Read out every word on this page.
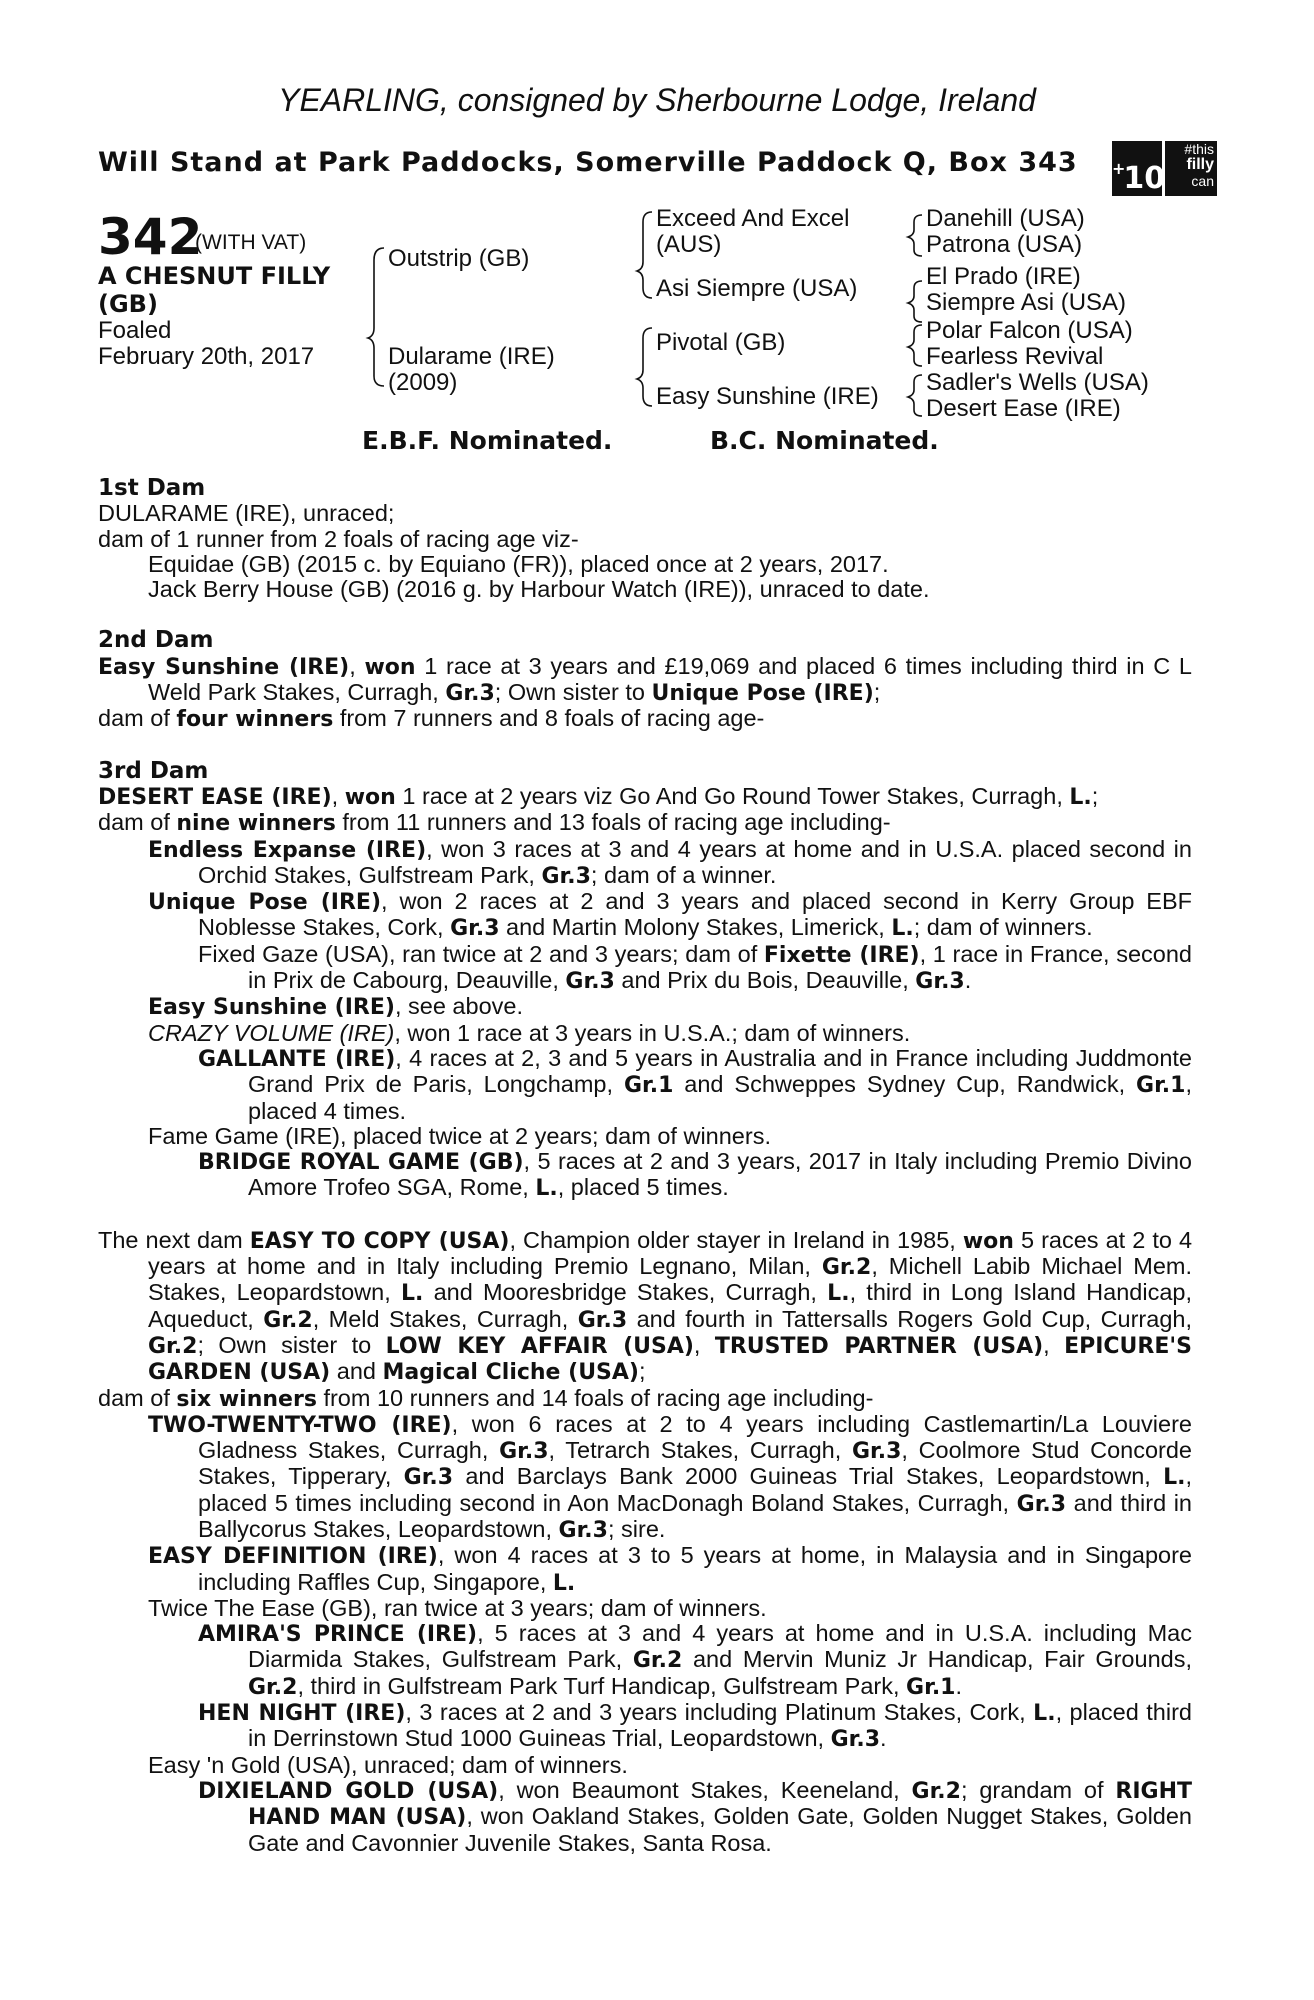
YEARLING, consigned by Sherbourne Lodge, Ireland
Will Stand at Park Paddocks, Somerville Paddock Q, Box 343 +10
#this
filly
can
342
(WITH VAT)
A CHESNUT FILLY (GB)
Foaled
February 20th, 2017
Outstrip (GB)
Dularame (IRE)
(2009)
Exceed And Excel
(AUS)
Asi Siempre (USA)
Pivotal (GB)
Easy Sunshine (IRE)
Danehill (USA)
Patrona (USA)
El Prado (IRE)
Siempre Asi (USA)
Polar Falcon (USA)
Fearless Revival
Sadler's Wells (USA)
Desert Ease (IRE)
E.B.F. Nominated.	B.C. Nominated.
1st Dam

DULARAME (IRE), unraced;
dam of 1 runner from 2 foals of racing age viz-

Equidae (GB) (2015 c. by Equiano (FR)), placed once at 2 years, 2017.
Jack Berry House (GB) (2016 g. by Harbour Watch (IRE)), unraced to date.

2nd Dam

Easy Sunshine (IRE), won 1 race at 3 years and £19,069 and placed 6 times including third in C L Weld Park Stakes, Curragh, Gr.3; Own sister to Unique Pose (IRE);

dam of four winners from 7 runners and 8 foals of racing age-

3rd Dam

DESERT EASE (IRE), won 1 race at 2 years viz Go And Go Round Tower Stakes, Curragh, L.;
dam of nine winners from 11 runners and 13 foals of racing age including-

Endless Expanse (IRE), won 3 races at 3 and 4 years at home and in U.S.A. placed second in Orchid Stakes, Gulfstream Park, Gr.3; dam of a winner.

Unique Pose (IRE), won 2 races at 2 and 3 years and placed second in Kerry Group EBF Noblesse Stakes, Cork, Gr.3 and Martin Molony Stakes, Limerick, L.; dam of winners.

Fixed Gaze (USA), ran twice at 2 and 3 years; dam of Fixette (IRE), 1 race in France, second in Prix de Cabourg, Deauville, Gr.3 and Prix du Bois, Deauville, Gr.3.

Easy Sunshine (IRE), see above.

CRAZY VOLUME (IRE), won 1 race at 3 years in U.S.A.; dam of winners.

GALLANTE (IRE), 4 races at 2, 3 and 5 years in Australia and in France including Juddmonte Grand Prix de Paris, Longchamp, Gr.1 and Schweppes Sydney Cup, Randwick, Gr.1, placed 4 times.

Fame Game (IRE), placed twice at 2 years; dam of winners.

BRIDGE ROYAL GAME (GB), 5 races at 2 and 3 years, 2017 in Italy including Premio Divino Amore Trofeo SGA, Rome, L., placed 5 times.

The next dam EASY TO COPY (USA), Champion older stayer in Ireland in 1985, won 5 races at 2 to 4 years at home and in Italy including Premio Legnano, Milan, Gr.2, Michell Labib Michael Mem. Stakes, Leopardstown, L. and Mooresbridge Stakes, Curragh, L., third in Long Island Handicap, Aqueduct, Gr.2, Meld Stakes, Curragh, Gr.3 and fourth in Tattersalls Rogers Gold Cup, Curragh, Gr.2; Own sister to LOW KEY AFFAIR (USA), TRUSTED PARTNER (USA), EPICURE'S GARDEN (USA) and Magical Cliche (USA);

dam of six winners from 10 runners and 14 foals of racing age including-

TWO-TWENTY-TWO (IRE), won 6 races at 2 to 4 years including Castlemartin/La Louviere Gladness Stakes, Curragh, Gr.3, Tetrarch Stakes, Curragh, Gr.3, Coolmore Stud Concorde Stakes, Tipperary, Gr.3 and Barclays Bank 2000 Guineas Trial Stakes, Leopardstown, L., placed 5 times including second in Aon MacDonagh Boland Stakes, Curragh, Gr.3 and third in Ballycorus Stakes, Leopardstown, Gr.3; sire.

EASY DEFINITION (IRE), won 4 races at 3 to 5 years at home, in Malaysia and in Singapore including Raffles Cup, Singapore, L.

Twice The Ease (GB), ran twice at 3 years; dam of winners.

AMIRA'S PRINCE (IRE), 5 races at 3 and 4 years at home and in U.S.A. including Mac Diarmida Stakes, Gulfstream Park, Gr.2 and Mervin Muniz Jr Handicap, Fair Grounds, Gr.2, third in Gulfstream Park Turf Handicap, Gulfstream Park, Gr.1.

HEN NIGHT (IRE), 3 races at 2 and 3 years including Platinum Stakes, Cork, L., placed third in Derrinstown Stud 1000 Guineas Trial, Leopardstown, Gr.3.

Easy 'n Gold (USA), unraced; dam of winners.

DIXIELAND GOLD (USA), won Beaumont Stakes, Keeneland, Gr.2; grandam of RIGHT HAND MAN (USA), won Oakland Stakes, Golden Gate, Golden Nugget Stakes, Golden Gate and Cavonnier Juvenile Stakes, Santa Rosa.
